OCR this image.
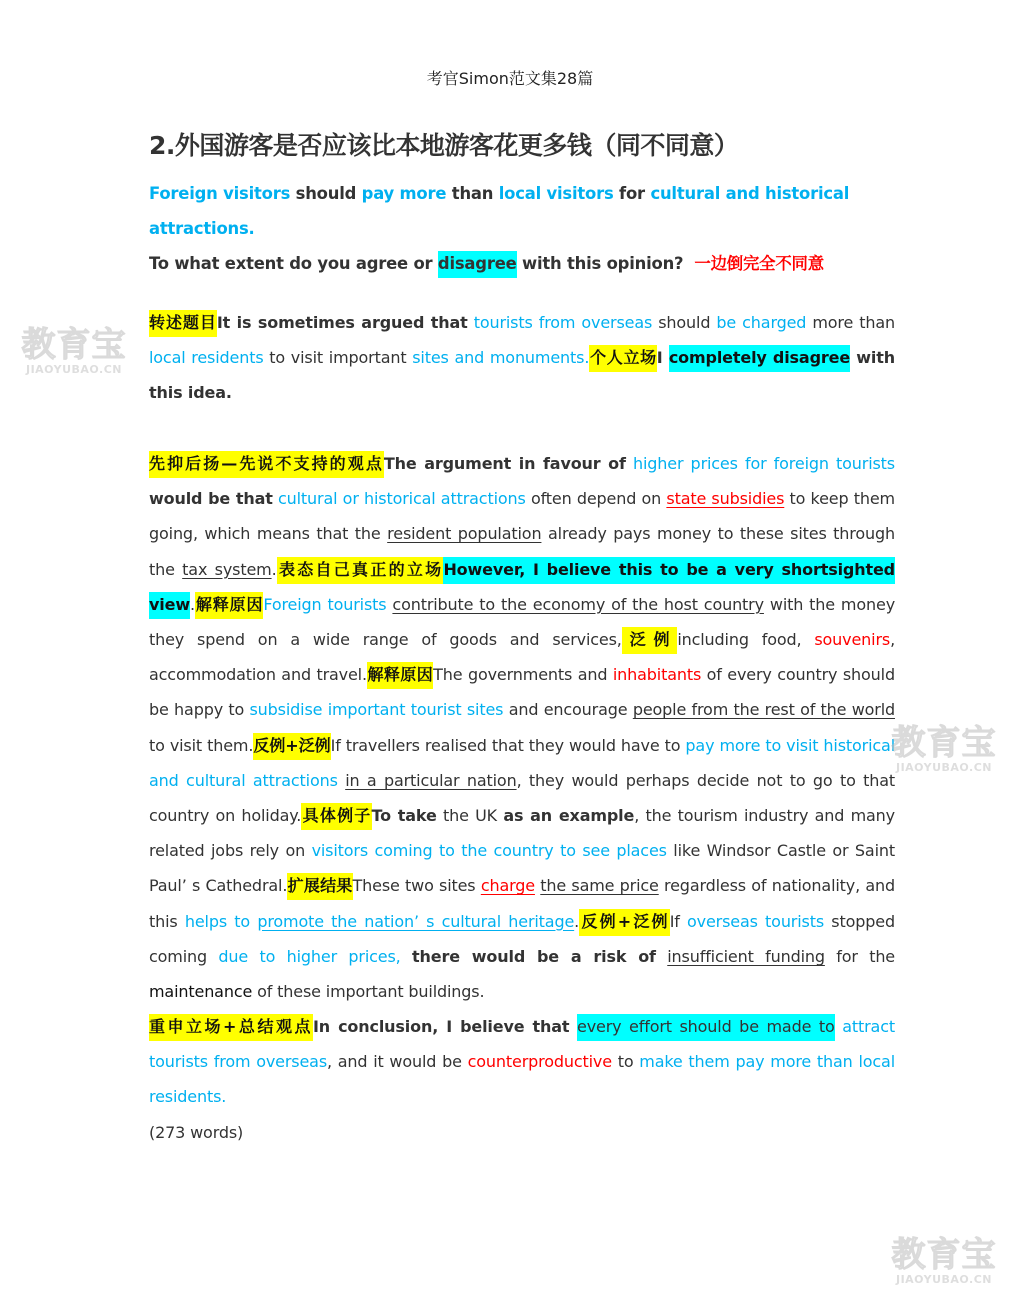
考官Simon范文集28篇
2.外国游客是否应该比本地游客花更多钱（同不同意）
Foreign visitors should pay more than local visitors for cultural and historical attractions.
To what extent do you agree or disagree with this opinion? 一边倒完全不同意

转述题目It is sometimes argued that tourists from overseas should be charged more than local residents to visit important sites and monuments.个人立场I completely disagree with this idea.

先抑后扬—先说不支持的观点The argument in favour of higher prices for foreign tourists would be that cultural or historical attractions often depend on state subsidies to keep them going, which means that the resident population already pays money to these sites through the tax system.表态自己真正的立场However, I believe this to be a very shortsighted view.解释原因Foreign tourists contribute to the economy of the host country with the money they spend on a wide range of goods and services,泛例including food, souvenirs, accommodation and travel.解释原因The governments and inhabitants of every country should be happy to subsidise important tourist sites and encourage people from the rest of the world to visit them.反例+泛例If travellers realised that they would have to pay more to visit historical and cultural attractions in a particular nation, they would perhaps decide not to go to that country on holiday.具体例子To take the UK as an example, the tourism industry and many related jobs rely on visitors coming to the country to see places like Windsor Castle or Saint Paul’ s Cathedral.扩展结果These two sites charge the same price regardless of nationality, and this helps to promote the nation’ s cultural heritage.反例+泛例If overseas tourists stopped coming due to higher prices, there would be a risk of insufficient funding for the maintenance of these important buildings.

重申立场+总结观点In conclusion, I believe that every effort should be made to attract tourists from overseas, and it would be counterproductive to make them pay more than local residents.
(273 words)

教育宝
JIAOYUBAO.CN
教育宝
JIAOYUBAO.CN
教育宝
JIAOYUBAO.CN
